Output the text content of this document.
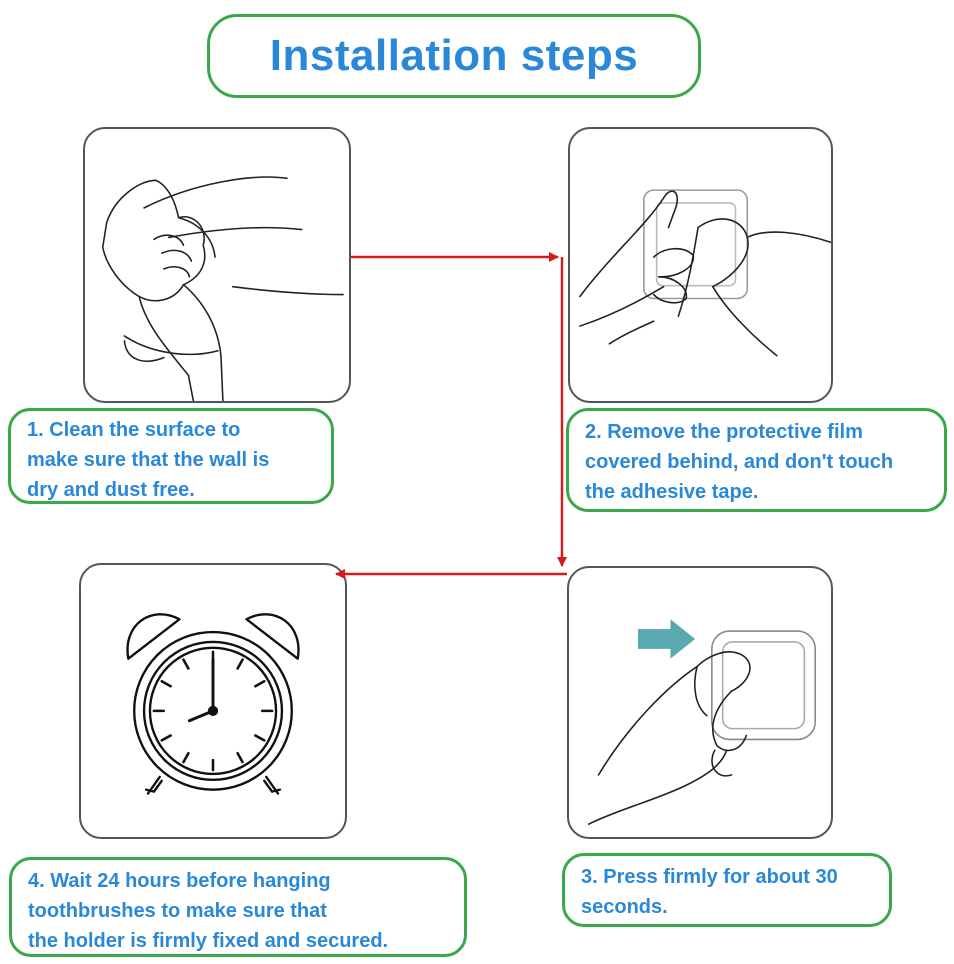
Installation steps
1. Clean the surface to
make sure that the wall is
dry and dust free.
2. Remove the protective film
covered behind, and don't touch
the adhesive tape.
4. Wait 24 hours before hanging
toothbrushes to make sure that
the holder is firmly fixed and secured.
3. Press firmly for about 30
seconds.
